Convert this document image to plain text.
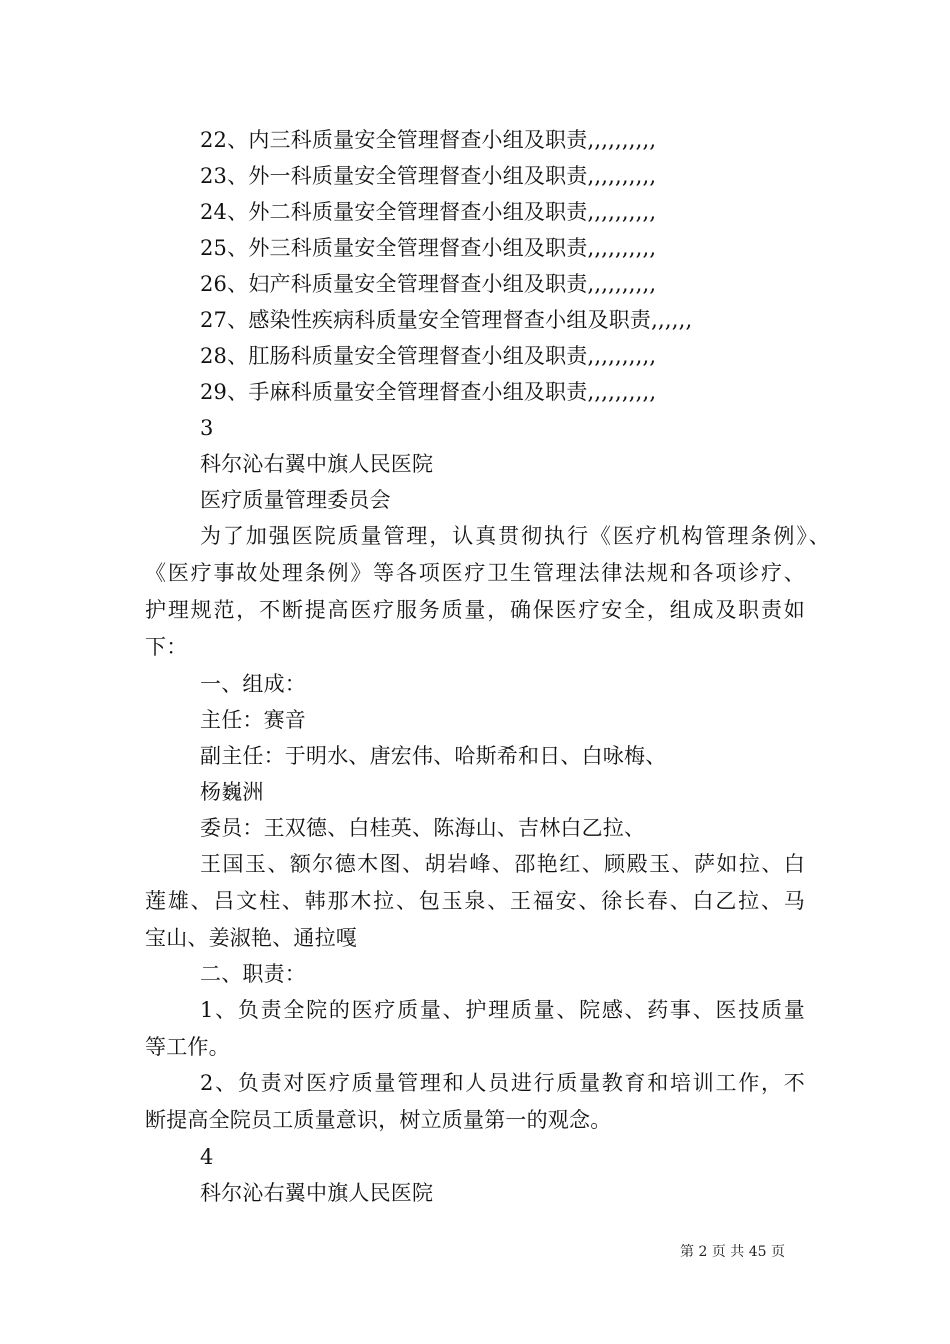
22、内三科质量安全管理督查小组及职责,,,,,,,,,,
23、外一科质量安全管理督查小组及职责,,,,,,,,,,
24、外二科质量安全管理督查小组及职责,,,,,,,,,,
25、外三科质量安全管理督查小组及职责,,,,,,,,,,
26、妇产科质量安全管理督查小组及职责,,,,,,,,,,
27、感染性疾病科质量安全管理督查小组及职责,,,,,,
28、肛肠科质量安全管理督查小组及职责,,,,,,,,,,
29、手麻科质量安全管理督查小组及职责,,,,,,,,,,
3
科尔沁右翼中旗人民医院
医疗质量管理委员会
为了加强医院质量管理，认真贯彻执行《医疗机构管理条例》、
《医疗事故处理条例》等各项医疗卫生管理法律法规和各项诊疗、
护理规范，不断提高医疗服务质量，确保医疗安全，组成及职责如
下：
一、组成：
主任：赛音
副主任：于明水、唐宏伟、哈斯希和日、白咏梅、
杨巍洲
委员：王双德、白桂英、陈海山、吉林白乙拉、
王国玉、额尔德木图、胡岩峰、邵艳红、顾殿玉、萨如拉、白
莲雄、吕文柱、韩那木拉、包玉泉、王福安、徐长春、白乙拉、马
宝山、姜淑艳、通拉嘎
二、职责：
1、负责全院的医疗质量、护理质量、院感、药事、医技质量
等工作。
2、负责对医疗质量管理和人员进行质量教育和培训工作，不
断提高全院员工质量意识，树立质量第一的观念。
4
科尔沁右翼中旗人民医院
第 2 页 共 45 页
